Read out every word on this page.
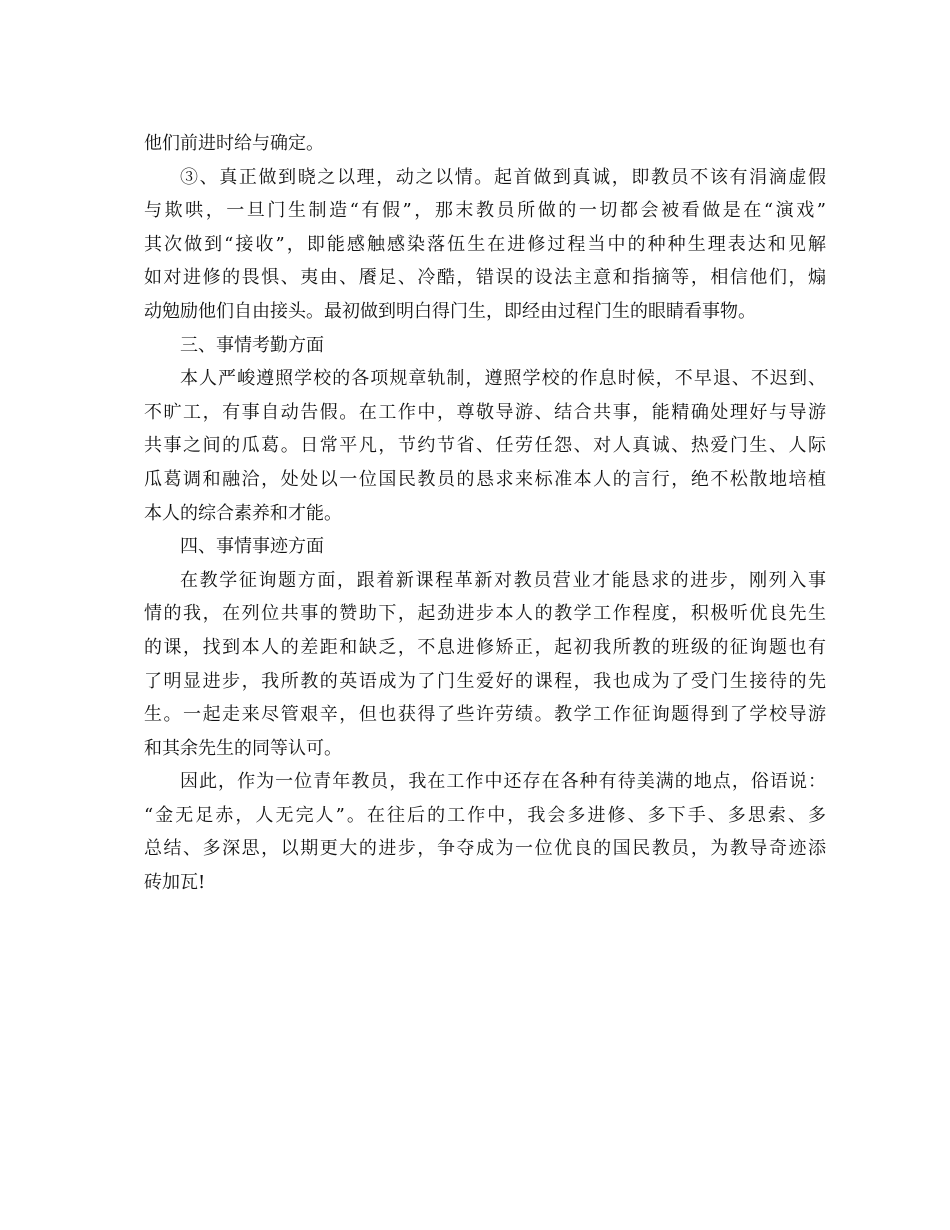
他们前进时给与确定。
③、真正做到晓之以理，动之以情。起首做到真诚，即教员不该有涓滴虚假
与欺哄，一旦门生制造“有假”，那末教员所做的一切都会被看做是在“演戏”
其次做到“接收”，即能感触感染落伍生在进修过程当中的种种生理表达和见解
如对进修的畏惧、夷由、餍足、冷酷，错误的设法主意和指摘等，相信他们，煽
动勉励他们自由接头。最初做到明白得门生，即经由过程门生的眼睛看事物。
三、事情考勤方面
本人严峻遵照学校的各项规章轨制，遵照学校的作息时候，不早退、不迟到、
不旷工，有事自动告假。在工作中，尊敬导游、结合共事，能精确处理好与导游
共事之间的瓜葛。日常平凡，节约节省、任劳任怨、对人真诚、热爱门生、人际
瓜葛调和融洽，处处以一位国民教员的恳求来标准本人的言行，绝不松散地培植
本人的综合素养和才能。
四、事情事迹方面
在教学征询题方面，跟着新课程革新对教员营业才能恳求的进步，刚列入事
情的我，在列位共事的赞助下，起劲进步本人的教学工作程度，积极听优良先生
的课，找到本人的差距和缺乏，不息进修矫正，起初我所教的班级的征询题也有
了明显进步，我所教的英语成为了门生爱好的课程，我也成为了受门生接待的先
生。一起走来尽管艰辛，但也获得了些许劳绩。教学工作征询题得到了学校导游
和其余先生的同等认可。
因此，作为一位青年教员，我在工作中还存在各种有待美满的地点，俗语说：
“金无足赤，人无完人”。在往后的工作中，我会多进修、多下手、多思索、多
总结、多深思，以期更大的进步，争夺成为一位优良的国民教员，为教导奇迹添
砖加瓦!
